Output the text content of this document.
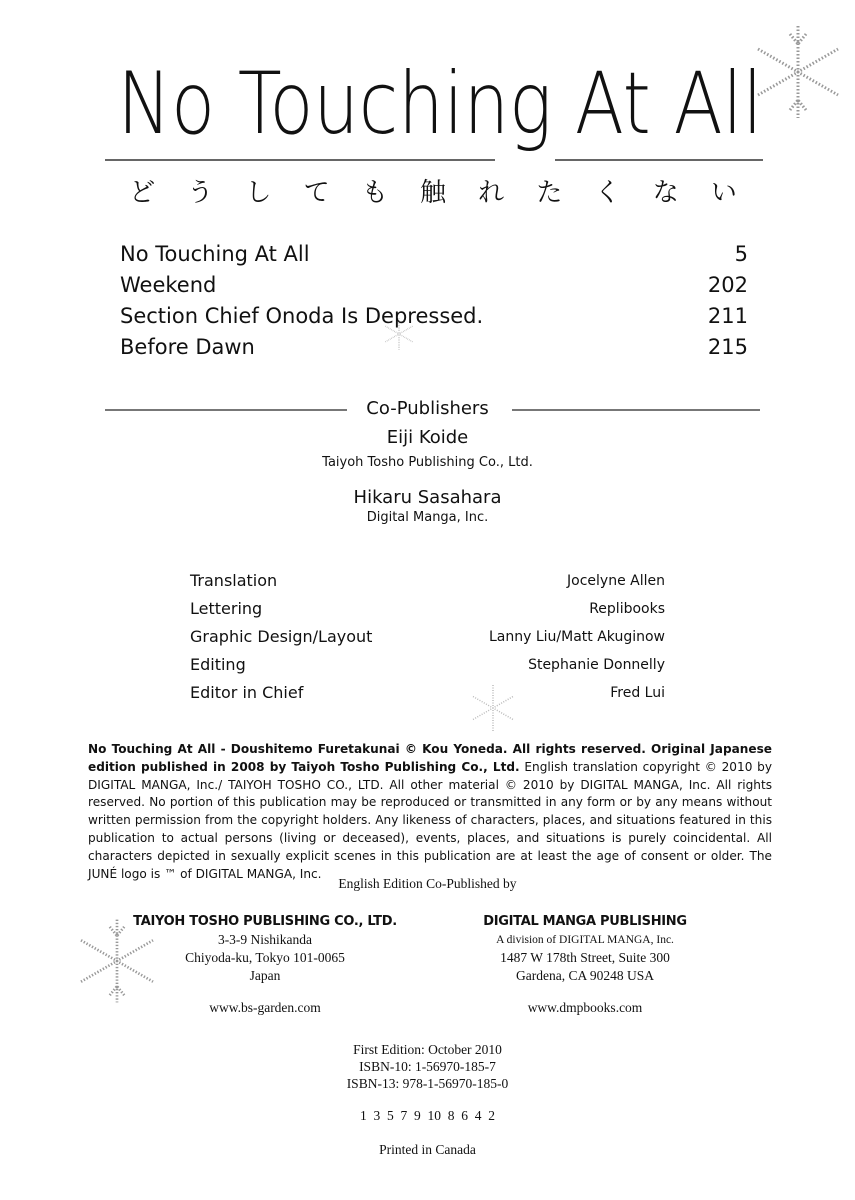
No Touching At All
ど う し て も 触 れ た く な い
No Touching At All	5
Weekend	202
Section Chief Onoda Is Depressed.	211
Before Dawn	215
Co-Publishers
Eiji Koide
Taiyoh Tosho Publishing Co., Ltd.
Hikaru Sasahara
Digital Manga, Inc.
Translation	Jocelyne Allen
Lettering	Replibooks
Graphic Design/Layout	Lanny Liu/Matt Akuginow
Editing	Stephanie Donnelly
Editor in Chief	Fred Lui
No Touching At All - Doushitemo Furetakunai © Kou Yoneda. All rights reserved. Original Japanese edition published in 2008 by Taiyoh Tosho Publishing Co., Ltd. English translation copyright © 2010 by DIGITAL MANGA, Inc./ TAIYOH TOSHO CO., LTD. All other material © 2010 by DIGITAL MANGA, Inc. All rights reserved. No portion of this publication may be reproduced or transmitted in any form or by any means without written permission from the copyright holders. Any likeness of characters, places, and situations featured in this publication to actual persons (living or deceased), events, places, and situations is purely coincidental. All characters depicted in sexually explicit scenes in this publication are at least the age of consent or older. The JUNÉ logo is ™ of DIGITAL MANGA, Inc.
English Edition Co-Published by
TAIYOH TOSHO PUBLISHING CO., LTD.
3-3-9 Nishikanda
Chiyoda-ku, Tokyo 101-0065
Japan
www.bs-garden.com
DIGITAL MANGA PUBLISHING
A division of DIGITAL MANGA, Inc.
1487 W 178th Street, Suite 300
Gardena, CA 90248 USA
www.dmpbooks.com
First Edition: October 2010
ISBN-10: 1-56970-185-7
ISBN-13: 978-1-56970-185-0
1  3  5  7  9  10  8  6  4  2
Printed in Canada
